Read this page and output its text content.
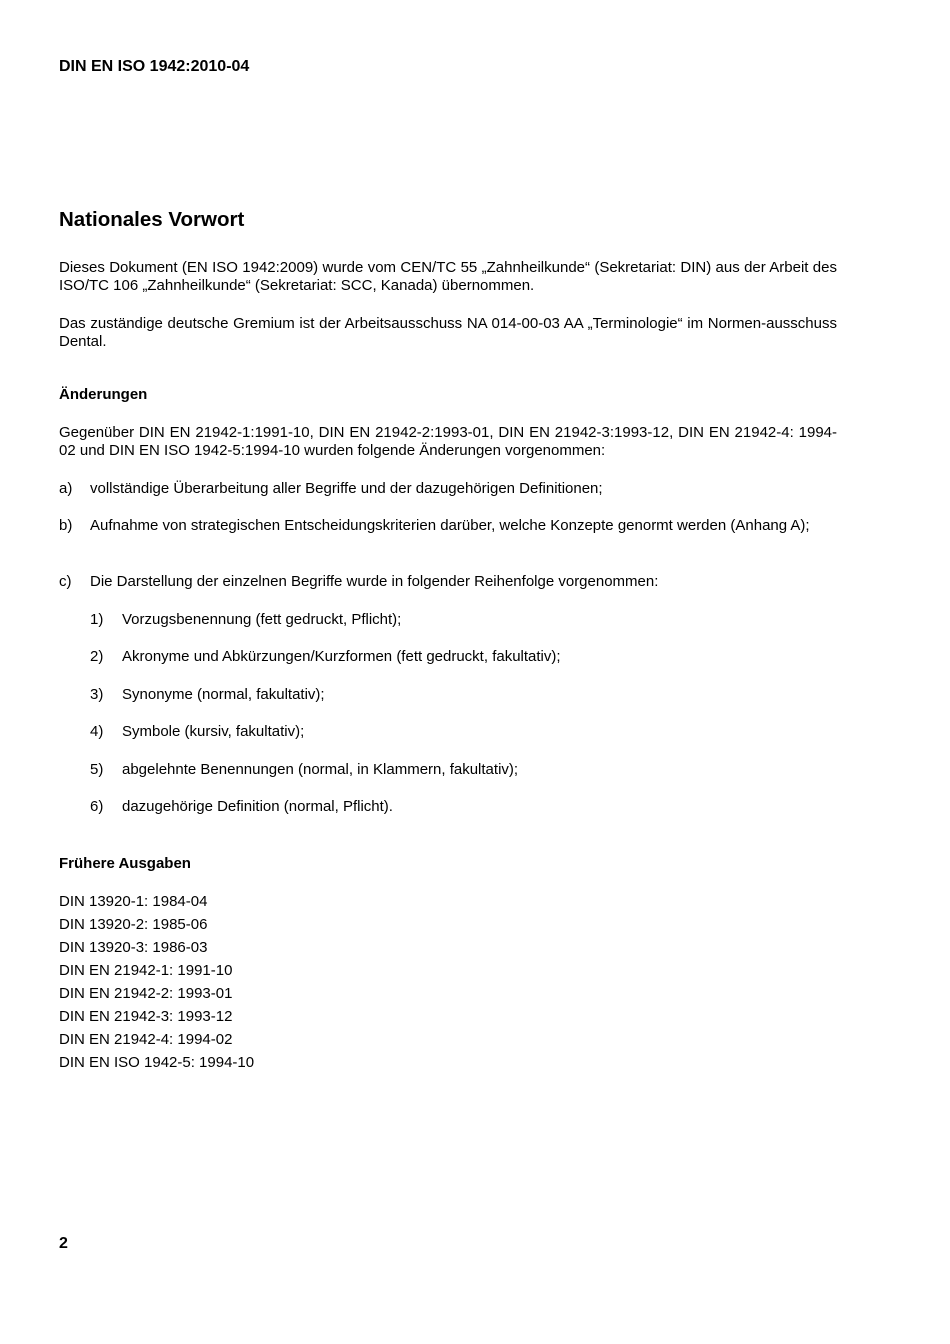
DIN EN ISO 1942:2010-04
Nationales Vorwort
Dieses Dokument (EN ISO 1942:2009) wurde vom CEN/TC 55 „Zahnheilkunde“ (Sekretariat: DIN) aus der Arbeit des ISO/TC 106 „Zahnheilkunde“ (Sekretariat: SCC, Kanada) übernommen.
Das zuständige deutsche Gremium ist der Arbeitsausschuss NA 014-00-03 AA „Terminologie“ im Normen-ausschuss Dental.
Änderungen
Gegenüber DIN EN 21942-1:1991-10, DIN EN 21942-2:1993-01, DIN EN 21942-3:1993-12, DIN EN 21942-4: 1994-02 und DIN EN ISO 1942-5:1994-10 wurden folgende Änderungen vorgenommen:
a) vollständige Überarbeitung aller Begriffe und der dazugehörigen Definitionen;
b) Aufnahme von strategischen Entscheidungskriterien darüber, welche Konzepte genormt werden (Anhang A);
c) Die Darstellung der einzelnen Begriffe wurde in folgender Reihenfolge vorgenommen:
1) Vorzugsbenennung (fett gedruckt, Pflicht);
2) Akronyme und Abkürzungen/Kurzformen (fett gedruckt, fakultativ);
3) Synonyme (normal, fakultativ);
4) Symbole (kursiv, fakultativ);
5) abgelehnte Benennungen (normal, in Klammern, fakultativ);
6) dazugehörige Definition (normal, Pflicht).
Frühere Ausgaben
DIN 13920-1: 1984-04
DIN 13920-2: 1985-06
DIN 13920-3: 1986-03
DIN EN 21942-1: 1991-10
DIN EN 21942-2: 1993-01
DIN EN 21942-3: 1993-12
DIN EN 21942-4: 1994-02
DIN EN ISO 1942-5: 1994-10
2
